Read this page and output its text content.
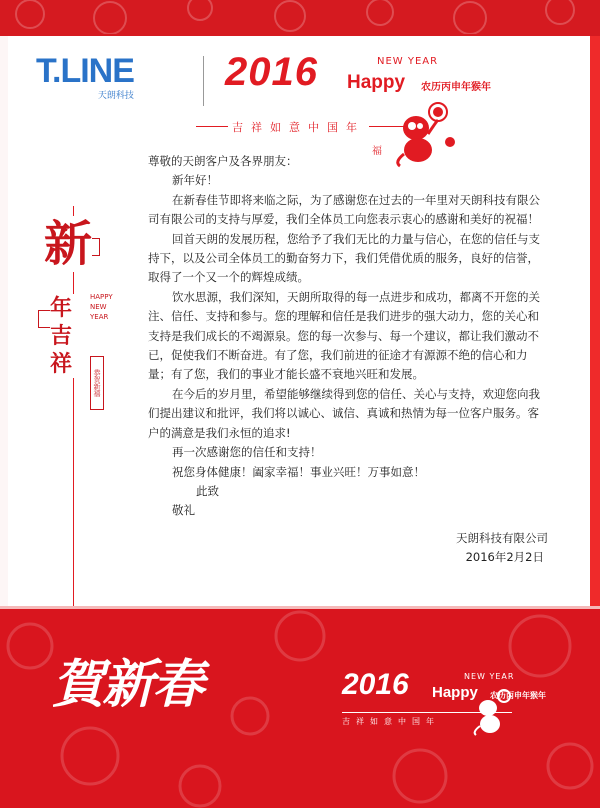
T.LINE
天朗科技
2016	NEW YEAR
Happy 农历丙申年猴年
吉祥如意中国年
福
新
年吉祥
HAPPY NEW YEAR
恭贺新禧

尊敬的天朗客户及各界朋友：

新年好！

在新春佳节即将来临之际，为了感谢您在过去的一年里对天朗科技有限公司有限公司的支持与厚爱，我们全体员工向您表示衷心的感谢和美好的祝福！

回首天朗的发展历程，您给予了我们无比的力量与信心，在您的信任与支持下，以及公司全体员工的勤奋努力下，我们凭借优质的服务，良好的信誉，取得了一个又一个的辉煌成绩。

饮水思源，我们深知，天朗所取得的每一点进步和成功，都离不开您的关注、信任、支持和参与。您的理解和信任是我们进步的强大动力，您的关心和支持是我们成长的不竭源泉。您的每一次参与、每一个建议，都让我们激动不已，促使我们不断奋进。有了您，我们前进的征途才有源源不绝的信心和力量；有了您，我们的事业才能长盛不衰地兴旺和发展。

在今后的岁月里，希望能够继续得到您的信任、关心与支持，欢迎您向我们提出建议和批评，我们将以诚心、诚信、真诚和热情为每一位客户服务。客户的满意是我们永恒的追求!

再一次感谢您的信任和支持！

祝您身体健康！阖家幸福！事业兴旺！万事如意！

此致

敬礼

天朗科技有限公司

2016年2月2日

賀新春	2016	NEW YEAR
Happy 农历丙申年猴年
吉祥如意中国年
